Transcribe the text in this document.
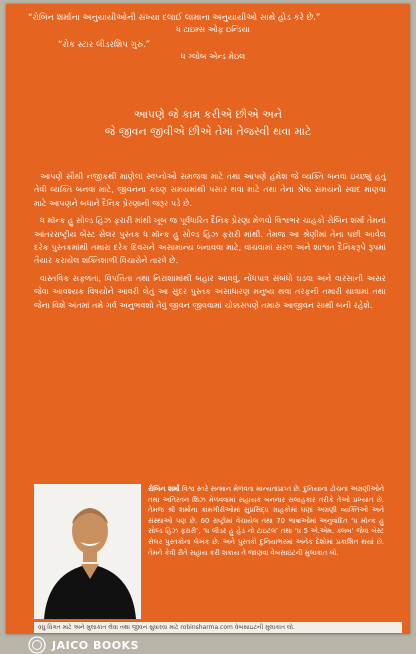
“રોબિન શર્માના અનુયાયીઓની સંખ્યા દલાઈ લામાના અનુયાયીઓ સાથે હોડ કરે છે.”
ધ ટાઇમ્સ ઓફ ઇન્ડિયા
“રોક સ્ટાર લીડરશિપ ગુરુ.”
ધ ગ્લોબ એન્ડ મેઇલ
આપણે જે કામ કરીએ છીએ અને
જે જીવન જીવીએ છીએ તેમાં તેજસ્વી થવા માટે

આપણે સૌથી નજીકથી માણેલાં સ્વપ્નોઓ સમજવા માટે તથા આપણે હંમેશ જે વ્યક્તિ બનવા ઇચ્છ્યું હતું તેવી વ્યક્તિ બનવા માટે, જીવનના કઠણ સમયમાંથી પસાર થવા માટે તથા તેના શ્રેષ્ઠ સમયનો સ્વાદ માણવા માટે આપણને બધાને દૈનિક પ્રેરણાની જરૂર પડે છે.

ધ મૉન્ક હુ સોલ્ડ હિઝ ફરારી માંથી ખૂબ જ પૂર્વધારિત દૈનિક પ્રેરણા મેળવો વિશ્વભર ચાહકો રોબિન શર્મા તેમનાં આંતરરાષ્ટ્રીય બેસ્ટ સેલર પુસ્તક ધ મૉન્ક હુ સોલ્ડ હિઝ ફરારી માંથી. તેમજ આ શ્રેણીમાં તેના પછી આવેલ દરેક પુસ્તકમાંથી તમારા દરેક દિવસને અસામાન્ય બનાવવા માટે, વાંચવામાં સરળ અને શાશ્વત દૈનિકરૂપે રૂપમાં તૈયાર કરાયેલ શક્તિશાળી વિચારોને તારવે છે.

વાસ્તવિક સફળતા, વિપત્તિતા તથા નિરાશામાંથી બહાર આવવું, નોંધપાત્ર સંબંધો ઘડવા અને વારસાની અસર જેવા આવશ્યક વિષયોને આવરી લેતું આ સુંદર પુસ્તક અસાધારણ મનુષ્ય થવા તરફની તમારી યાત્રામાં તથા જેના વિશે અંતમાં તમે ગર્વ અનુભવશો તેવું જીવન જીવવામાં ચોક્કસપણે તમારું આજીવન સાથી બની રહેશે.

રોબિન શર્મા વિશ્વ સ્તરે સન્માન મેળવતા માન્યતાપ્રાપ્ત છે. દુનિયાના ટોચના અગ્રણીઓને તથા અતિરતન શિઝ મેળવવામાં સહાયક બનનાર સલાહકાર તરીકે તેઓ પ્રખ્યાત છે. તેમજ શ્રી શર્માના કામગીરીઓમાં સુપ્રસિદ્ધ ગ્રાહકોમાં ઘણાં અગ્રણી વ્યક્તિઓ અને સંસ્થાઓ પણ છે. 60 રાષ્ટ્રોમાં વેચાયેલ તથા 70 ભાષાઓમાં અનુવાદિત ‘ધ મૉન્ક હુ સોલ્ડ હિઝ ફરારી’, ‘ધ લીડર હુ હેડ નો ટાઇટલ’ તથા ‘ધ 5 એ.એમ. ક્લબ’ જેવા બેસ્ટ સેલર પુસ્તકોના લેખક છે. અને પુસ્તકો દુનિયાભરમાં અનેક દેશોમાં પ્રકાશિત થયાં છે. તેમને કેવી રીતે સહાય કરી શકાય તે જાણવા વેબસાઇટની મુલાકાત લો.
વધુ વિગત માટે અને મુલાકાત લેવા તથા જીવન સુધારવા માટે robinsharma.com વેબસાઇટની મુલાકાત લો.
JAICO BOOKS
